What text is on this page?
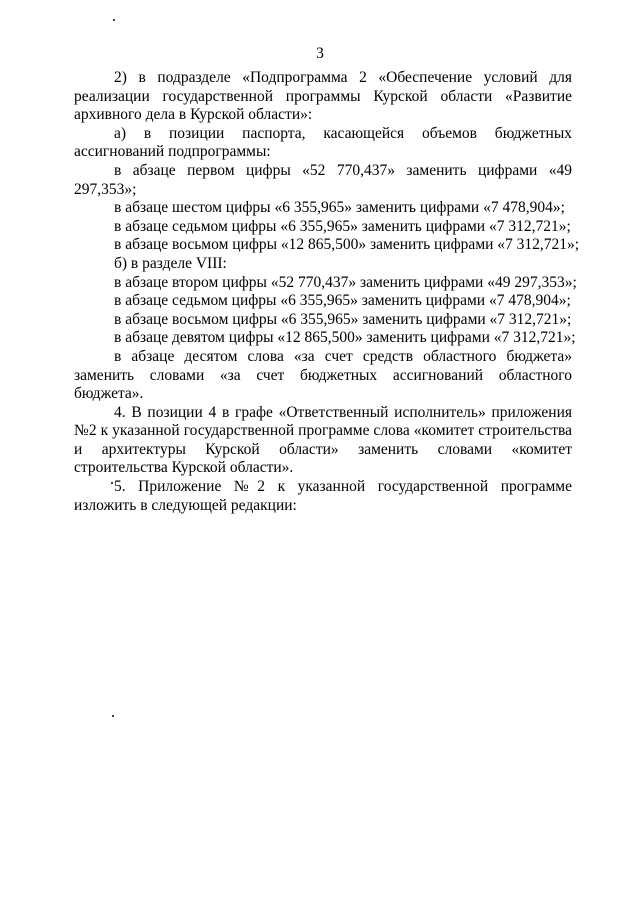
3

2) в подразделе «Подпрограмма 2 «Обеспечение условий для реализации государственной программы Курской области «Развитие архивного дела в Курской области»:

а) в позиции паспорта, касающейся объемов бюджетных ассигнований подпрограммы:

в абзаце первом цифры «52 770,437» заменить цифрами «49 297,353»;

в абзаце шестом цифры «6 355,965» заменить цифрами «7 478,904»;

в абзаце седьмом цифры «6 355,965» заменить цифрами «7 312,721»;

в абзаце восьмом цифры «12 865,500» заменить цифрами «7 312,721»;

б) в разделе VIII:

в абзаце втором цифры «52 770,437» заменить цифрами «49 297,353»;

в абзаце седьмом цифры «6 355,965» заменить цифрами «7 478,904»;

в абзаце восьмом цифры «6 355,965» заменить цифрами «7 312,721»;

в абзаце девятом цифры «12 865,500» заменить цифрами «7 312,721»;

в абзаце десятом слова «за счет средств областного бюджета» заменить словами «за счет бюджетных ассигнований областного бюджета».

4. В позиции 4 в графе «Ответственный исполнитель» приложения №2 к указанной государственной программе слова «комитет строительства и архитектуры Курской области» заменить словами «комитет строительства Курской области».

5. Приложение №2 к указанной государственной программе изложить в следующей редакции:
